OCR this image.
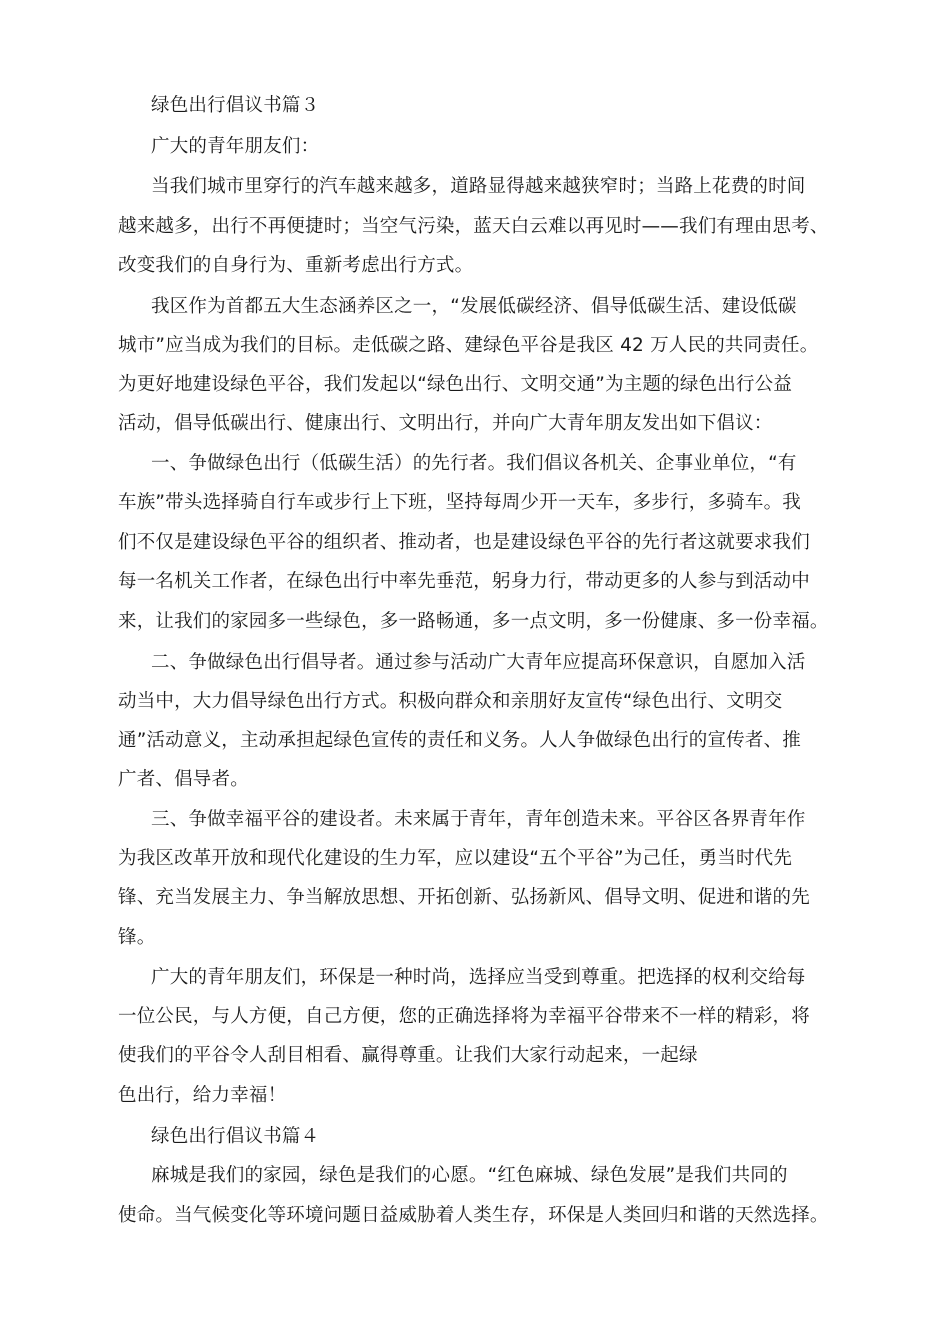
绿色出行倡议书篇３
广大的青年朋友们：
当我们城市里穿行的汽车越来越多，道路显得越来越狭窄时；当路上花费的时间
越来越多，出行不再便捷时；当空气污染，蓝天白云难以再见时——我们有理由思考、
改变我们的自身行为、重新考虑出行方式。
我区作为首都五大生态涵养区之一，“发展低碳经济、倡导低碳生活、建设低碳
城市”应当成为我们的目标。走低碳之路、建绿色平谷是我区 42 万人民的共同责任。
为更好地建设绿色平谷，我们发起以“绿色出行、文明交通”为主题的绿色出行公益
活动，倡导低碳出行、健康出行、文明出行，并向广大青年朋友发出如下倡议：
一、争做绿色出行（低碳生活）的先行者。我们倡议各机关、企事业单位，“有
车族”带头选择骑自行车或步行上下班，坚持每周少开一天车，多步行，多骑车。我
们不仅是建设绿色平谷的组织者、推动者，也是建设绿色平谷的先行者这就要求我们
每一名机关工作者，在绿色出行中率先垂范，躬身力行，带动更多的人参与到活动中
来，让我们的家园多一些绿色，多一路畅通，多一点文明，多一份健康、多一份幸福。
二、争做绿色出行倡导者。通过参与活动广大青年应提高环保意识，自愿加入活
动当中，大力倡导绿色出行方式。积极向群众和亲朋好友宣传“绿色出行、文明交
通”活动意义，主动承担起绿色宣传的责任和义务。人人争做绿色出行的宣传者、推
广者、倡导者。
三、争做幸福平谷的建设者。未来属于青年，青年创造未来。平谷区各界青年作
为我区改革开放和现代化建设的生力军，应以建设“五个平谷”为己任，勇当时代先
锋、充当发展主力、争当解放思想、开拓创新、弘扬新风、倡导文明、促进和谐的先
锋。
广大的青年朋友们，环保是一种时尚，选择应当受到尊重。把选择的权利交给每
一位公民，与人方便，自己方便，您的正确选择将为幸福平谷带来不一样的精彩，将
使我们的平谷令人刮目相看、赢得尊重。让我们大家行动起来，一起绿
色出行，给力幸福！
绿色出行倡议书篇４
麻城是我们的家园，绿色是我们的心愿。“红色麻城、绿色发展”是我们共同的
使命。当气候变化等环境问题日益威胁着人类生存，环保是人类回归和谐的天然选择。
